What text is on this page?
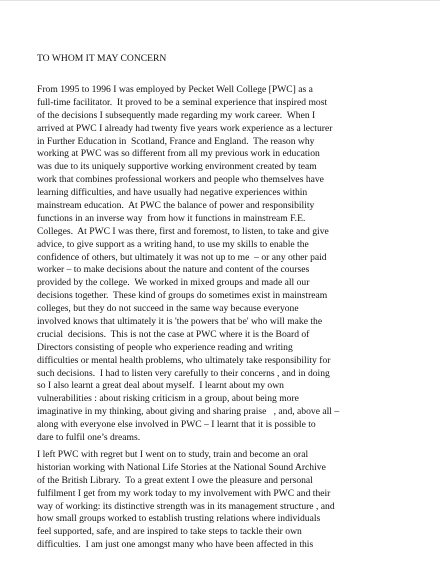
TO WHOM IT MAY CONCERN

From 1995 to 1996 I was employed by Pecket Well College [PWC] as a
full-time facilitator.  It proved to be a seminal experience that inspired most
of the decisions I subsequently made regarding my work career.  When I
arrived at PWC I already had twenty five years work experience as a lecturer
in Further Education in  Scotland, France and England.  The reason why
working at PWC was so different from all my previous work in education
was due to its uniquely supportive working environment created by team
work that combines professional workers and people who themselves have
learning difficulties, and have usually had negative experiences within
mainstream education.  At PWC the balance of power and responsibility
functions in an inverse way  from how it functions in mainstream F.E.
Colleges.  At PWC I was there, first and foremost, to listen, to take and give
advice, to give support as a writing hand, to use my skills to enable the
confidence of others, but ultimately it was not up to me  – or any other paid
worker – to make decisions about the nature and content of the courses
provided by the college.  We worked in mixed groups and made all our
decisions together.  These kind of groups do sometimes exist in mainstream
colleges, but they do not succeed in the same way because everyone
involved knows that ultimately it is 'the powers that be' who will make the
crucial  decisions.  This is not the case at PWC where it is the Board of
Directors consisting of people who experience reading and writing
difficulties or mental health problems, who ultimately take responsibility for
such decisions.  I had to listen very carefully to their concerns , and in doing
so I also learnt a great deal about myself.  I learnt about my own
vulnerabilities : about risking criticism in a group, about being more
imaginative in my thinking, about giving and sharing praise   , and, above all –
along with everyone else involved in PWC – I learnt that it is possible to
dare to fulfil one’s dreams.

I left PWC with regret but I went on to study, train and become an oral
historian working with National Life Stories at the National Sound Archive
of the British Library.  To a great extent I owe the pleasure and personal
fulfilment I get from my work today to my involvement with PWC and their
way of working: its distinctive strength was in its management structure , and
how small groups worked to establish trusting relations where individuals
feel supported, safe, and are inspired to take steps to tackle their own
difficulties.  I am just one amongst many who have been affected in this
